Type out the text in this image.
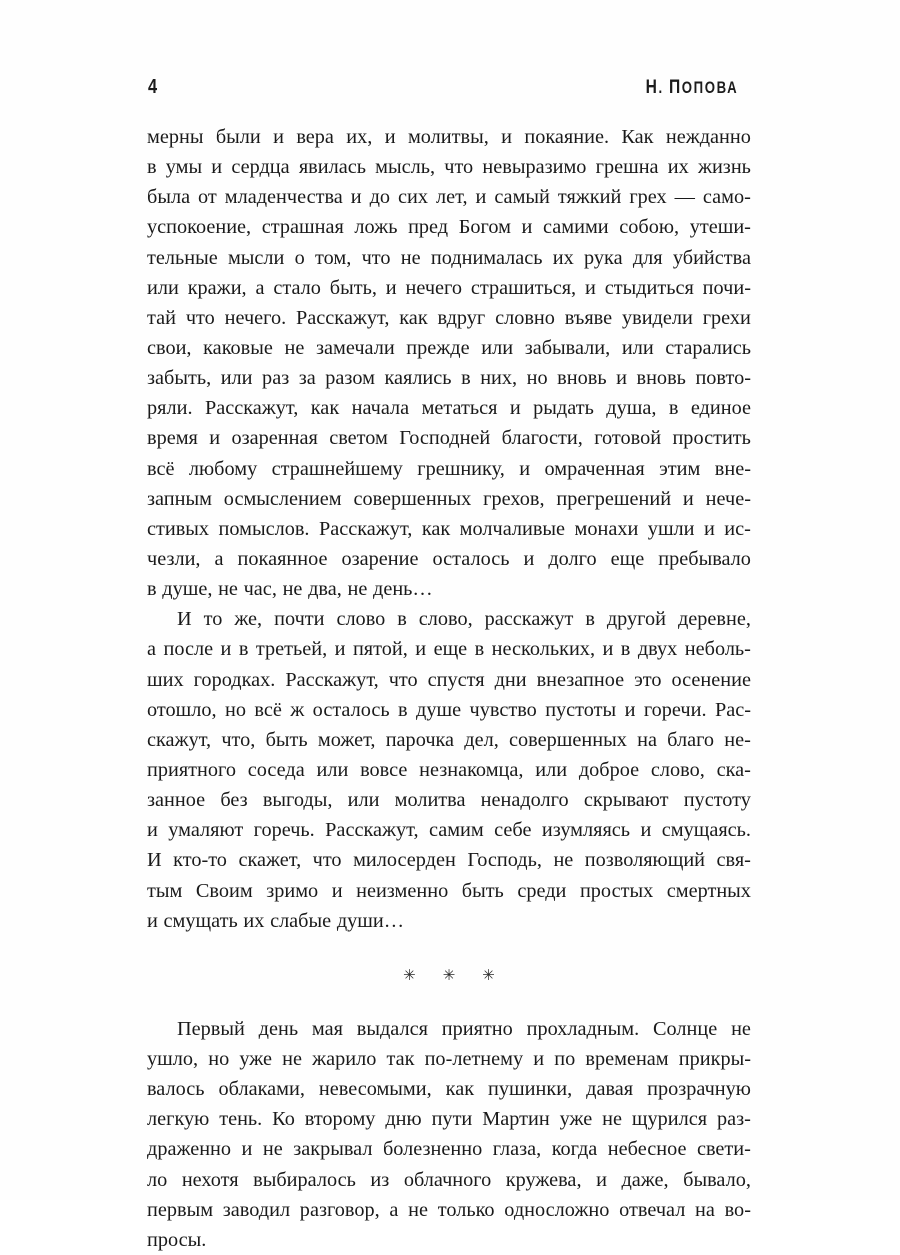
4	Н. ПОПОВА
мерны были и вера их, и молитвы, и покаяние. Как нежданно
в умы и сердца явилась мысль, что невыразимо грешна их жизнь
была от младенчества и до сих лет, и самый тяжкий грех — само-
успокоение, страшная ложь пред Богом и самими собою, утеши-
тельные мысли о том, что не поднималась их рука для убийства
или кражи, а стало быть, и нечего страшиться, и стыдиться почи-
тай что нечего. Расскажут, как вдруг словно въяве увидели грехи
свои, каковые не замечали прежде или забывали, или старались
забыть, или раз за разом каялись в них, но вновь и вновь повто-
ряли. Расскажут, как начала метаться и рыдать душа, в единое
время и озаренная светом Господней благости, готовой простить
всё любому страшнейшему грешнику, и омраченная этим вне-
запным осмыслением совершенных грехов, прегрешений и нече-
стивых помыслов. Расскажут, как молчаливые монахи ушли и ис-
чезли, а покаянное озарение осталось и долго еще пребывало
в душе, не час, не два, не день…
И то же, почти слово в слово, расскажут в другой деревне,
а после и в третьей, и пятой, и еще в нескольких, и в двух неболь-
ших городках. Расскажут, что спустя дни внезапное это осенение
отошло, но всё ж осталось в душе чувство пустоты и горечи. Рас-
скажут, что, быть может, парочка дел, совершенных на благо не-
приятного соседа или вовсе незнакомца, или доброе слово, ска-
занное без выгоды, или молитва ненадолго скрывают пустоту
и умаляют горечь. Расскажут, самим себе изумляясь и смущаясь.
И кто-то скажет, что милосерден Господь, не позволяющий свя-
тым Своим зримо и неизменно быть среди простых смертных
и смущать их слабые души…
✳ ✳ ✳
Первый день мая выдался приятно прохладным. Солнце не
ушло, но уже не жарило так по-летнему и по временам прикры-
валось облаками, невесомыми, как пушинки, давая прозрачную
легкую тень. Ко второму дню пути Мартин уже не щурился раз-
драженно и не закрывал болезненно глаза, когда небесное свети-
ло нехотя выбиралось из облачного кружева, и даже, бывало,
первым заводил разговор, а не только односложно отвечал на во-
просы.
